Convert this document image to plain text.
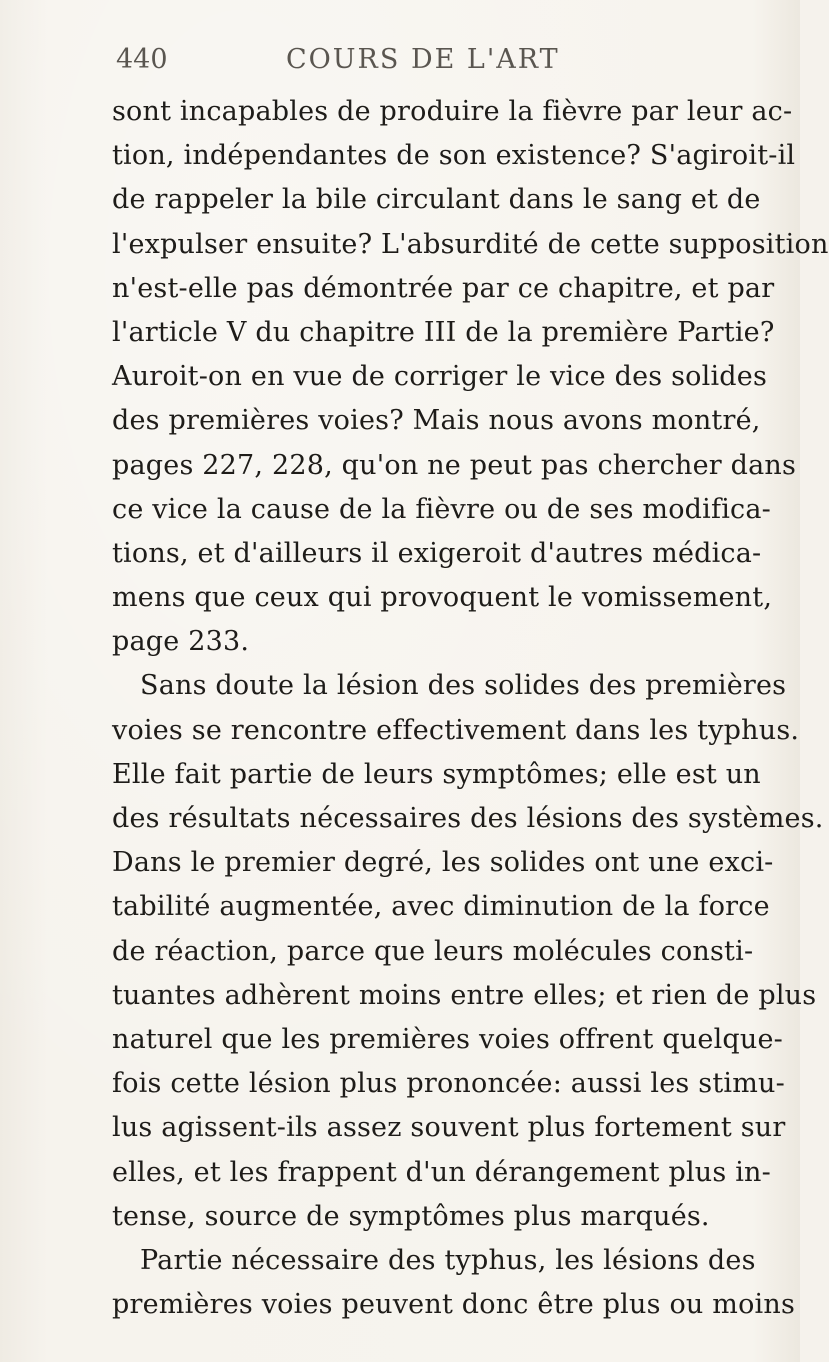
440	COURS DE L'ART
sont incapables de produire la fièvre par leur ac-
tion, indépendantes de son existence? S'agiroit-il
de rappeler la bile circulant dans le sang et de
l'expulser ensuite? L'absurdité de cette supposition
n'est-elle pas démontrée par ce chapitre, et par
l'article V du chapitre III de la première Partie?
Auroit-on en vue de corriger le vice des solides
des premières voies? Mais nous avons montré,
pages 227, 228, qu'on ne peut pas chercher dans
ce vice la cause de la fièvre ou de ses modifica-
tions, et d'ailleurs il exigeroit d'autres médica-
mens que ceux qui provoquent le vomissement,
page 233.
Sans doute la lésion des solides des premières
voies se rencontre effectivement dans les typhus.
Elle fait partie de leurs symptômes; elle est un
des résultats nécessaires des lésions des systèmes.
Dans le premier degré, les solides ont une exci-
tabilité augmentée, avec diminution de la force
de réaction, parce que leurs molécules consti-
tuantes adhèrent moins entre elles; et rien de plus
naturel que les premières voies offrent quelque-
fois cette lésion plus prononcée: aussi les stimu-
lus agissent-ils assez souvent plus fortement sur
elles, et les frappent d'un dérangement plus in-
tense, source de symptômes plus marqués.
Partie nécessaire des typhus, les lésions des
premières voies peuvent donc être plus ou moins
